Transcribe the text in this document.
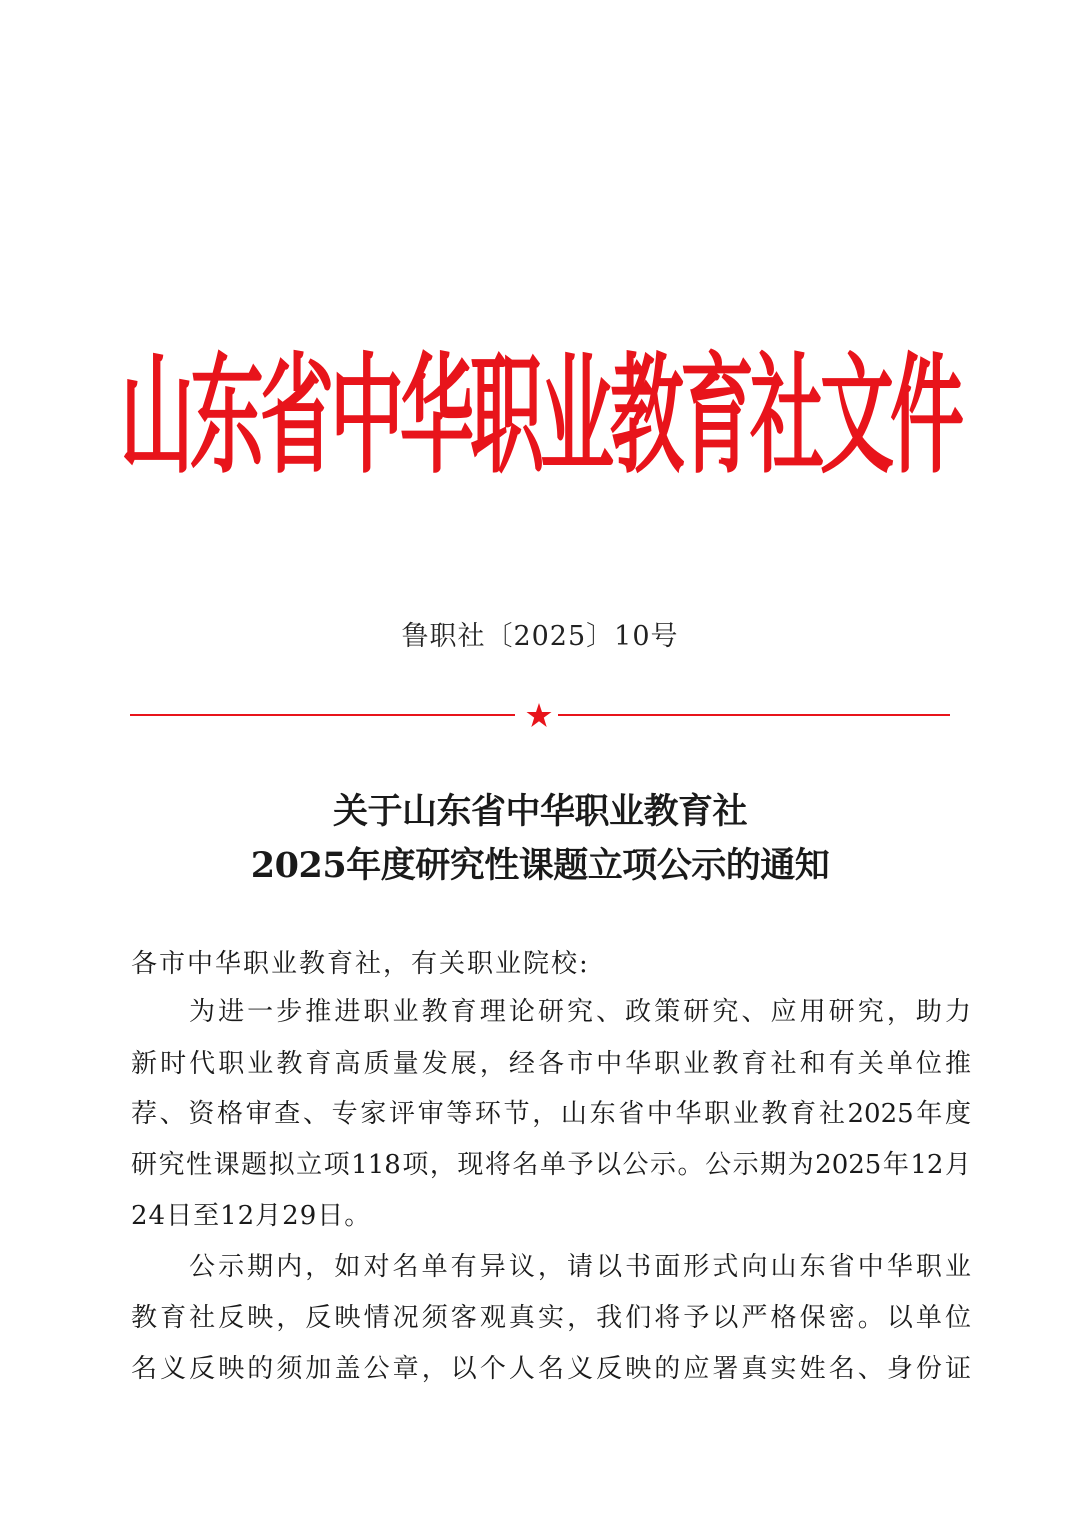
山东省中华职业教育社文件
鲁职社〔2025〕10号
关于山东省中华职业教育社
2025年度研究性课题立项公示的通知
各市中华职业教育社，有关职业院校:
为进一步推进职业教育理论研究、政策研究、应用研究，助力
新时代职业教育高质量发展，经各市中华职业教育社和有关单位推
荐、资格审查、专家评审等环节，山东省中华职业教育社2025年度
研究性课题拟立项118项，现将名单予以公示。公示期为2025年12月
24日至12月29日。
公示期内，如对名单有异议，请以书面形式向山东省中华职业
教育社反映，反映情况须客观真实，我们将予以严格保密。以单位
名义反映的须加盖公章，以个人名义反映的应署真实姓名、身份证
